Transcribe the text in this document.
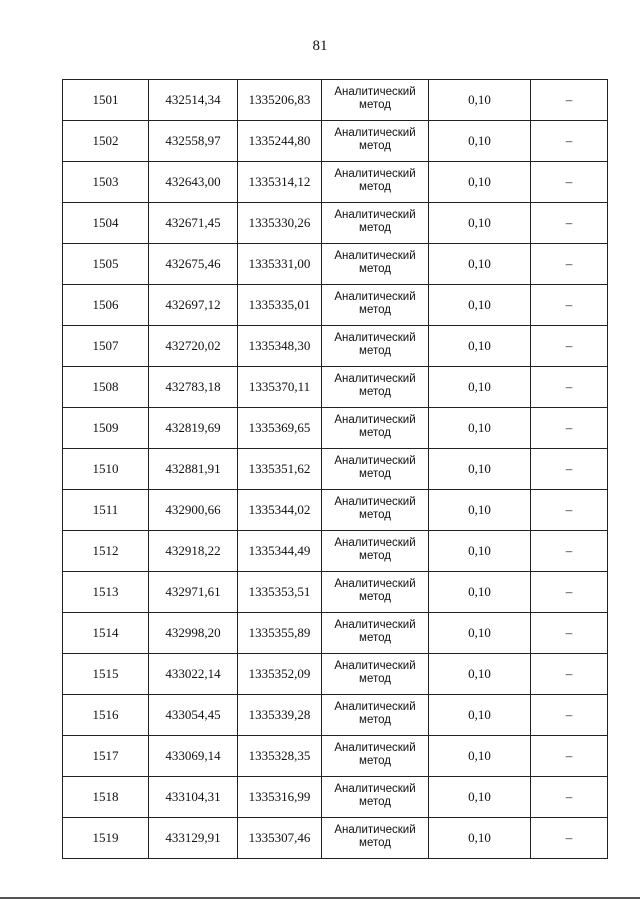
81
1501	432514,34	1335206,83	Аналитический
метод	0,10	–
1502	432558,97	1335244,80	Аналитический
метод	0,10	–
1503	432643,00	1335314,12	Аналитический
метод	0,10	–
1504	432671,45	1335330,26	Аналитический
метод	0,10	–
1505	432675,46	1335331,00	Аналитический
метод	0,10	–
1506	432697,12	1335335,01	Аналитический
метод	0,10	–
1507	432720,02	1335348,30	Аналитический
метод	0,10	–
1508	432783,18	1335370,11	Аналитический
метод	0,10	–
1509	432819,69	1335369,65	Аналитический
метод	0,10	–
1510	432881,91	1335351,62	Аналитический
метод	0,10	–
1511	432900,66	1335344,02	Аналитический
метод	0,10	–
1512	432918,22	1335344,49	Аналитический
метод	0,10	–
1513	432971,61	1335353,51	Аналитический
метод	0,10	–
1514	432998,20	1335355,89	Аналитический
метод	0,10	–
1515	433022,14	1335352,09	Аналитический
метод	0,10	–
1516	433054,45	1335339,28	Аналитический
метод	0,10	–
1517	433069,14	1335328,35	Аналитический
метод	0,10	–
1518	433104,31	1335316,99	Аналитический
метод	0,10	–
1519	433129,91	1335307,46	Аналитический
метод	0,10	–
